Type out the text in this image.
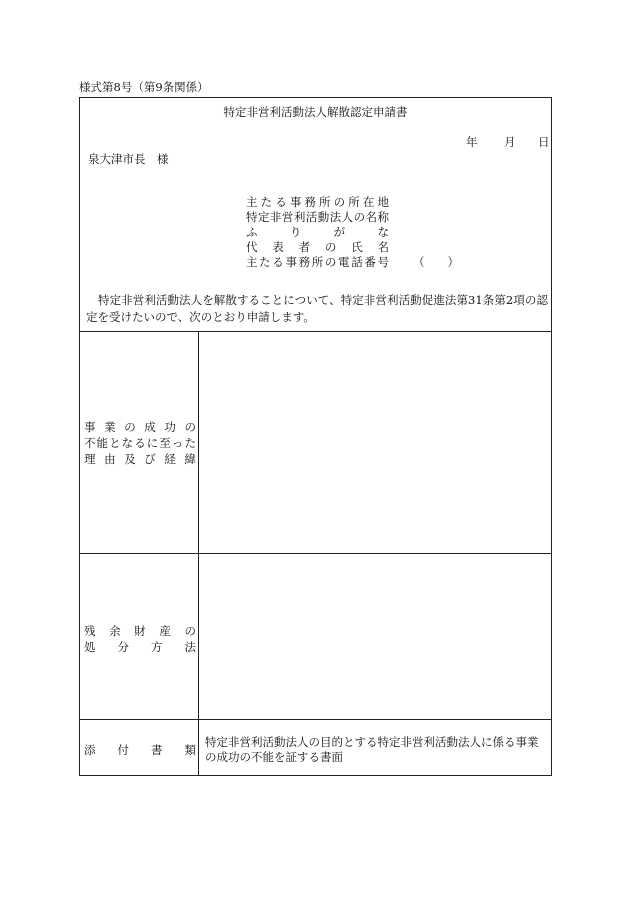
様式第8号（第9条関係）
特定非営利活動法人解散認定申請書
年 月 日
泉大津市長　様
主たる事務所の所在地
特定非営利活動法人の名称
ふりがな
代表者の氏名
主たる事務所の電話番号 （　　）
特定非営利活動法人を解散することについて、特定非営利活動促進法第31条第2項の認定を受けたいので、次のとおり申請します。
事業の成功の
不能となるに至った
理由及び経緯
残余財産の
処分方法
添付書類
特定非営利活動法人の目的とする特定非営利活動法人に係る事業の成功の不能を証する書面
